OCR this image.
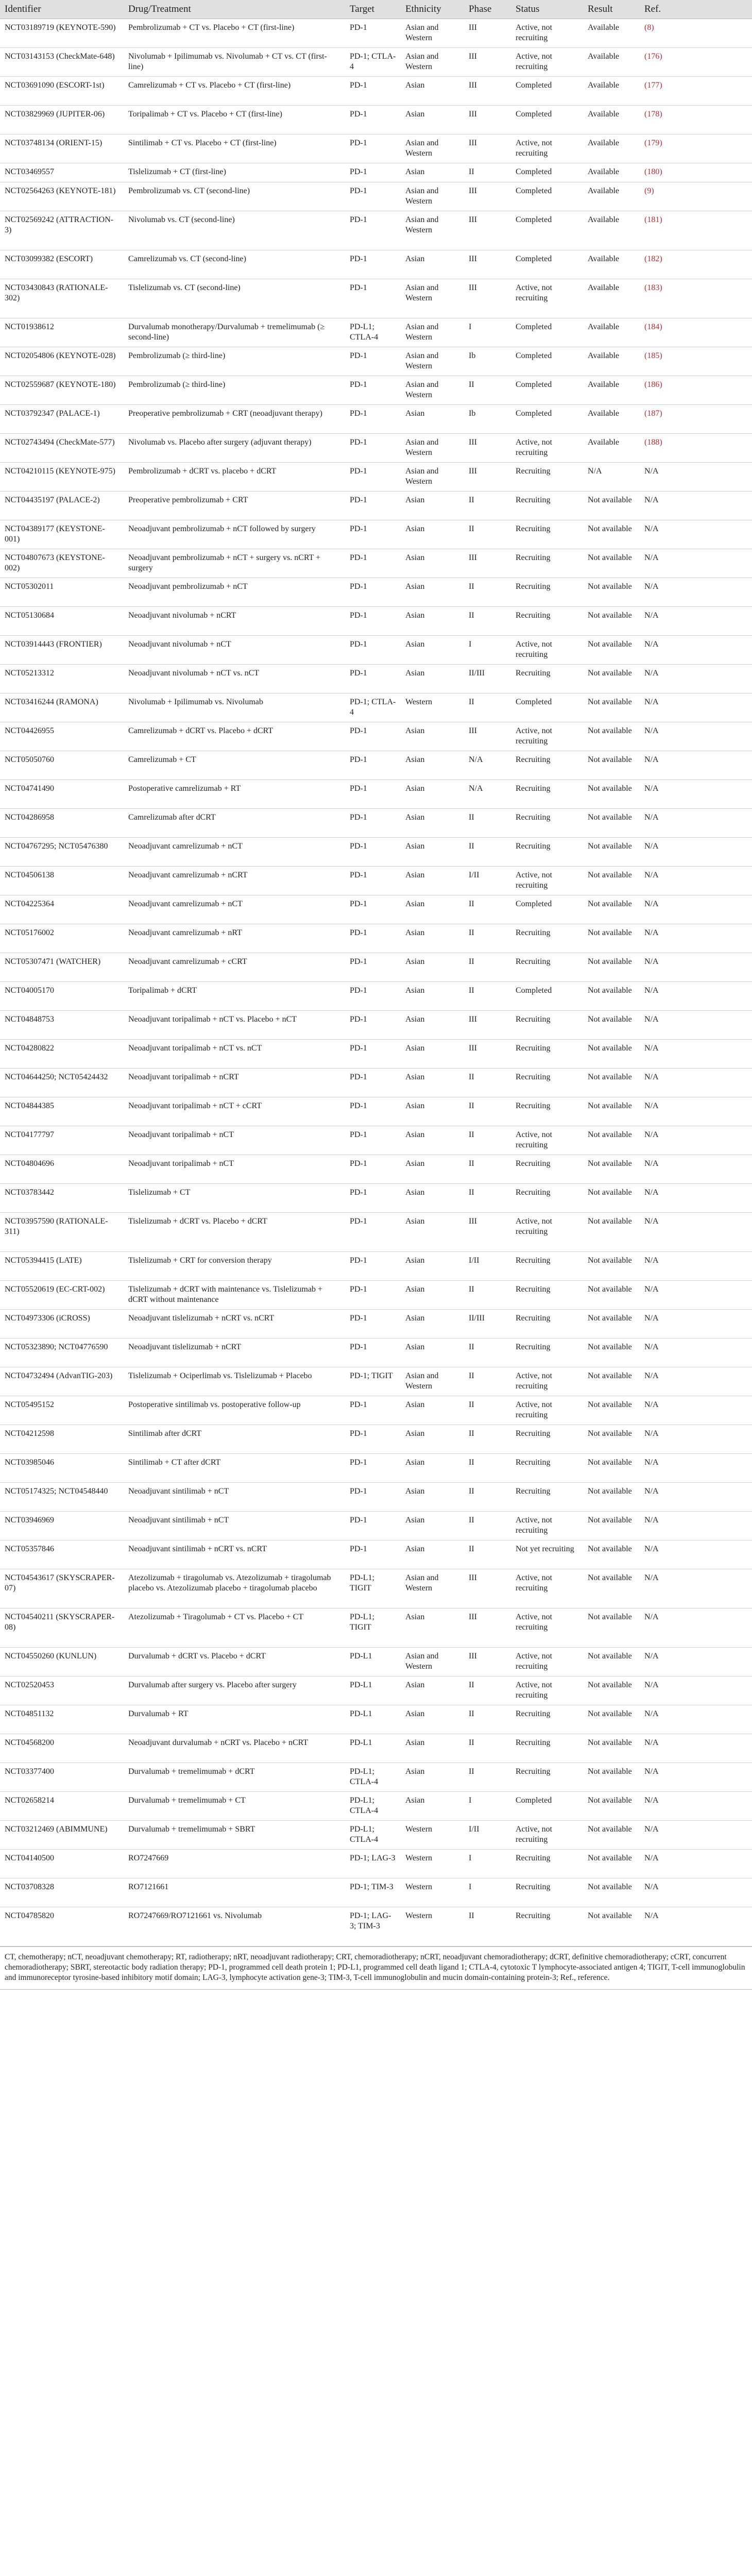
Identifier	Drug/Treatment	Target	Ethnicity	Phase	Status	Result	Ref.
NCT03189719 (KEYNOTE-590)	Pembrolizumab + CT vs. Placebo + CT (first-line)	PD-1	Asian and Western	III	Active, not recruiting	Available	(8)
NCT03143153 (CheckMate-648)	Nivolumab + Ipilimumab vs. Nivolumab + CT vs. CT (first-line)	PD-1; CTLA-4	Asian and Western	III	Active, not recruiting	Available	(176)
NCT03691090 (ESCORT-1st)	Camrelizumab + CT vs. Placebo + CT (first-line)	PD-1	Asian	III	Completed	Available	(177)
NCT03829969 (JUPITER-06)	Toripalimab + CT vs. Placebo + CT (first-line)	PD-1	Asian	III	Completed	Available	(178)
NCT03748134 (ORIENT-15)	Sintilimab + CT vs. Placebo + CT (first-line)	PD-1	Asian and Western	III	Active, not recruiting	Available	(179)
NCT03469557	Tislelizumab + CT (first-line)	PD-1	Asian	II	Completed	Available	(180)
NCT02564263 (KEYNOTE-181)	Pembrolizumab vs. CT (second-line)	PD-1	Asian and Western	III	Completed	Available	(9)
NCT02569242 (ATTRACTION-3)	Nivolumab vs. CT (second-line)	PD-1	Asian and Western	III	Completed	Available	(181)
NCT03099382 (ESCORT)	Camrelizumab vs. CT (second-line)	PD-1	Asian	III	Completed	Available	(182)
NCT03430843 (RATIONALE-302)	Tislelizumab vs. CT (second-line)	PD-1	Asian and Western	III	Active, not recruiting	Available	(183)
NCT01938612	Durvalumab monotherapy/Durvalumab + tremelimumab (≥ second-line)	PD-L1; CTLA-4	Asian and Western	I	Completed	Available	(184)
NCT02054806 (KEYNOTE-028)	Pembrolizumab (≥ third-line)	PD-1	Asian and Western	Ib	Completed	Available	(185)
NCT02559687 (KEYNOTE-180)	Pembrolizumab (≥ third-line)	PD-1	Asian and Western	II	Completed	Available	(186)
NCT03792347 (PALACE-1)	Preoperative pembrolizumab + CRT (neoadjuvant therapy)	PD-1	Asian	Ib	Completed	Available	(187)
NCT02743494 (CheckMate-577)	Nivolumab vs. Placebo after surgery (adjuvant therapy)	PD-1	Asian and Western	III	Active, not recruiting	Available	(188)
NCT04210115 (KEYNOTE-975)	Pembrolizumab + dCRT vs. placebo + dCRT	PD-1	Asian and Western	III	Recruiting	N/A	N/A
NCT04435197 (PALACE-2)	Preoperative pembrolizumab + CRT	PD-1	Asian	II	Recruiting	Not available	N/A
NCT04389177 (KEYSTONE-001)	Neoadjuvant pembrolizumab + nCT followed by surgery	PD-1	Asian	II	Recruiting	Not available	N/A
NCT04807673 (KEYSTONE-002)	Neoadjuvant pembrolizumab + nCT + surgery vs. nCRT + surgery	PD-1	Asian	III	Recruiting	Not available	N/A
NCT05302011	Neoadjuvant pembrolizumab + nCT	PD-1	Asian	II	Recruiting	Not available	N/A
NCT05130684	Neoadjuvant nivolumab + nCRT	PD-1	Asian	II	Recruiting	Not available	N/A
NCT03914443 (FRONTIER)	Neoadjuvant nivolumab + nCT	PD-1	Asian	I	Active, not recruiting	Not available	N/A
NCT05213312	Neoadjuvant nivolumab + nCT vs. nCT	PD-1	Asian	II/III	Recruiting	Not available	N/A
NCT03416244 (RAMONA)	Nivolumab + Ipilimumab vs. Nivolumab	PD-1; CTLA-4	Western	II	Completed	Not available	N/A
NCT04426955	Camrelizumab + dCRT vs. Placebo + dCRT	PD-1	Asian	III	Active, not recruiting	Not available	N/A
NCT05050760	Camrelizumab + CT	PD-1	Asian	N/A	Recruiting	Not available	N/A
NCT04741490	Postoperative camrelizumab + RT	PD-1	Asian	N/A	Recruiting	Not available	N/A
NCT04286958	Camrelizumab after dCRT	PD-1	Asian	II	Recruiting	Not available	N/A
NCT04767295; NCT05476380	Neoadjuvant camrelizumab + nCT	PD-1	Asian	II	Recruiting	Not available	N/A
NCT04506138	Neoadjuvant camrelizumab + nCRT	PD-1	Asian	I/II	Active, not recruiting	Not available	N/A
NCT04225364	Neoadjuvant camrelizumab + nCT	PD-1	Asian	II	Completed	Not available	N/A
NCT05176002	Neoadjuvant camrelizumab + nRT	PD-1	Asian	II	Recruiting	Not available	N/A
NCT05307471 (WATCHER)	Neoadjuvant camrelizumab + cCRT	PD-1	Asian	II	Recruiting	Not available	N/A
NCT04005170	Toripalimab + dCRT	PD-1	Asian	II	Completed	Not available	N/A
NCT04848753	Neoadjuvant toripalimab + nCT vs. Placebo + nCT	PD-1	Asian	III	Recruiting	Not available	N/A
NCT04280822	Neoadjuvant toripalimab + nCT vs. nCT	PD-1	Asian	III	Recruiting	Not available	N/A
NCT04644250; NCT05424432	Neoadjuvant toripalimab + nCRT	PD-1	Asian	II	Recruiting	Not available	N/A
NCT04844385	Neoadjuvant toripalimab + nCT + cCRT	PD-1	Asian	II	Recruiting	Not available	N/A
NCT04177797	Neoadjuvant toripalimab + nCT	PD-1	Asian	II	Active, not recruiting	Not available	N/A
NCT04804696	Neoadjuvant toripalimab + nCT	PD-1	Asian	II	Recruiting	Not available	N/A
NCT03783442	Tislelizumab + CT	PD-1	Asian	II	Recruiting	Not available	N/A
NCT03957590 (RATIONALE-311)	Tislelizumab + dCRT vs. Placebo + dCRT	PD-1	Asian	III	Active, not recruiting	Not available	N/A
NCT05394415 (LATE)	Tislelizumab + CRT for conversion therapy	PD-1	Asian	I/II	Recruiting	Not available	N/A
NCT05520619 (EC-CRT-002)	Tislelizumab + dCRT with maintenance vs. Tislelizumab + dCRT without maintenance	PD-1	Asian	II	Recruiting	Not available	N/A
NCT04973306 (iCROSS)	Neoadjuvant tislelizumab + nCRT vs. nCRT	PD-1	Asian	II/III	Recruiting	Not available	N/A
NCT05323890; NCT04776590	Neoadjuvant tislelizumab + nCRT	PD-1	Asian	II	Recruiting	Not available	N/A
NCT04732494 (AdvanTIG-203)	Tislelizumab + Ociperlimab vs. Tislelizumab + Placebo	PD-1; TIGIT	Asian and Western	II	Active, not recruiting	Not available	N/A
NCT05495152	Postoperative sintilimab vs. postoperative follow-up	PD-1	Asian	II	Active, not recruiting	Not available	N/A
NCT04212598	Sintilimab after dCRT	PD-1	Asian	II	Recruiting	Not available	N/A
NCT03985046	Sintilimab + CT after dCRT	PD-1	Asian	II	Recruiting	Not available	N/A
NCT05174325; NCT04548440	Neoadjuvant sintilimab + nCT	PD-1	Asian	II	Recruiting	Not available	N/A
NCT03946969	Neoadjuvant sintilimab + nCT	PD-1	Asian	II	Active, not recruiting	Not available	N/A
NCT05357846	Neoadjuvant sintilimab + nCRT vs. nCRT	PD-1	Asian	II	Not yet recruiting	Not available	N/A
NCT04543617 (SKYSCRAPER-07)	Atezolizumab + tiragolumab vs. Atezolizumab + tiragolumab placebo vs. Atezolizumab placebo + tiragolumab placebo	PD-L1; TIGIT	Asian and Western	III	Active, not recruiting	Not available	N/A
NCT04540211 (SKYSCRAPER-08)	Atezolizumab + Tiragolumab + CT vs. Placebo + CT	PD-L1; TIGIT	Asian	III	Active, not recruiting	Not available	N/A
NCT04550260 (KUNLUN)	Durvalumab + dCRT vs. Placebo + dCRT	PD-L1	Asian and Western	III	Active, not recruiting	Not available	N/A
NCT02520453	Durvalumab after surgery vs. Placebo after surgery	PD-L1	Asian	II	Active, not recruiting	Not available	N/A
NCT04851132	Durvalumab + RT	PD-L1	Asian	II	Recruiting	Not available	N/A
NCT04568200	Neoadjuvant durvalumab + nCRT vs. Placebo + nCRT	PD-L1	Asian	II	Recruiting	Not available	N/A
NCT03377400	Durvalumab + tremelimumab + dCRT	PD-L1; CTLA-4	Asian	II	Recruiting	Not available	N/A
NCT02658214	Durvalumab + tremelimumab + CT	PD-L1; CTLA-4	Asian	I	Completed	Not available	N/A
NCT03212469 (ABIMMUNE)	Durvalumab + tremelimumab + SBRT	PD-L1; CTLA-4	Western	I/II	Active, not recruiting	Not available	N/A
NCT04140500	RO7247669	PD-1; LAG-3	Western	I	Recruiting	Not available	N/A
NCT03708328	RO7121661	PD-1; TIM-3	Western	I	Recruiting	Not available	N/A
NCT04785820	RO7247669/RO7121661 vs. Nivolumab	PD-1; LAG-3; TIM-3	Western	II	Recruiting	Not available	N/A

CT, chemotherapy; nCT, neoadjuvant chemotherapy; RT, radiotherapy; nRT, neoadjuvant radiotherapy; CRT, chemoradiotherapy; nCRT, neoadjuvant chemoradiotherapy; dCRT, definitive chemoradiotherapy; cCRT, concurrent chemoradiotherapy; SBRT, stereotactic body radiation therapy; PD-1, programmed cell death protein 1; PD-L1, programmed cell death ligand 1; CTLA-4, cytotoxic T lymphocyte-associated antigen 4; TIGIT, T-cell immunoglobulin and immunoreceptor tyrosine-based inhibitory motif domain; LAG-3, lymphocyte activation gene-3; TIM-3, T-cell immunoglobulin and mucin domain-containing protein-3; Ref., reference.
